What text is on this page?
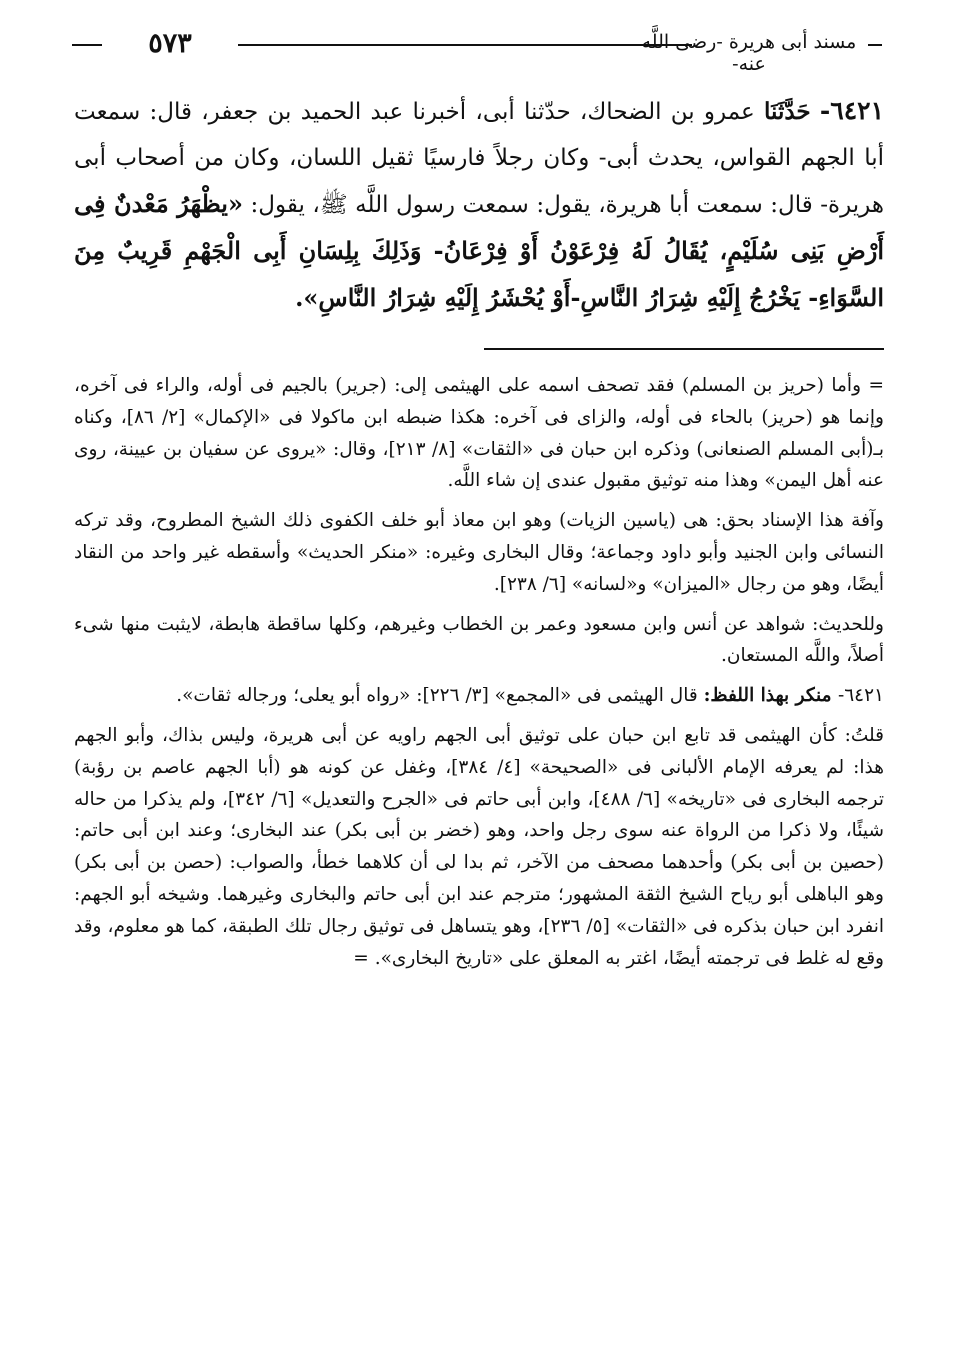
٥٧٣	مسند أبى هريرة -رضى اللَّه عنه-
٦٤٢١- حَدَّثَنَا عمرو بن الضحاك، حدّثنا أبى، أخبرنا عبد الحميد بن جعفر، قال: سمعت أبا الجهم القواس، يحدث أبى- وكان رجلاً فارسيًا ثقيل اللسان، وكان من أصحاب أبى هريرة- قال: سمعت أبا هريرة، يقول: سمعت رسول اللَّه ﷺ، يقول: «يظْهَرُ مَعْدنٌ فِى أَرْضِ بَنِى سُلَيْمٍ، يُقَالُ لَهُ فِرْعَوْنُ أَوْ فِرْعَانُ- وَذَلِكَ بِلِسَانِ أَبِى الْجَهْمِ قَرِيبٌ مِنَ السَّوَاءِ- يَخْرُجُ إِلَيْهِ شِرَارُ النَّاسِ-أَوْ يُحْشَرُ إِلَيْهِ شِرَارُ النَّاسِ».

= وأما (حريز بن المسلم) فقد تصحف اسمه على الهيثمى إلى: (جرير) بالجيم فى أوله، والراء فى آخره، وإنما هو (حريز) بالحاء فى أوله، والزاى فى آخره: هكذا ضبطه ابن ماكولا فى «الإكمال» [٢/ ٨٦]، وكناه بـ(أبى المسلم الصنعانى) وذكره ابن حبان فى «الثقات» [٨/ ٢١٣]، وقال: «يروى عن سفيان بن عيينة، روى عنه أهل اليمن» وهذا منه توثيق مقبول عندى إن شاء اللَّه.

وآفة هذا الإسناد بحق: هى (ياسين الزيات) وهو ابن معاذ أبو خلف الكفوى ذلك الشيخ المطروح، وقد تركه النسائى وابن الجنيد وأبو داود وجماعة؛ وقال البخارى وغيره: «منكر الحديث» وأسقطه غير واحد من النقاد أيضًا، وهو من رجال «الميزان» و«لسانه» [٦/ ٢٣٨].

وللحديث: شواهد عن أنس وابن مسعود وعمر بن الخطاب وغيرهم، وكلها ساقطة هابطة، لايثبت منها شىء أصلاً، واللَّه المستعان.

٦٤٢١- منكر بهذا اللفظ: قال الهيثمى فى «المجمع» [٣/ ٢٢٦]: «رواه أبو يعلى؛ ورجاله ثقات».

قلتُ: كأن الهيثمى قد تابع ابن حبان على توثيق أبى الجهم راويه عن أبى هريرة، وليس بذاك، وأبو الجهم هذا: لم يعرفه الإمام الألبانى فى «الصحيحة» [٤/ ٣٨٤]، وغفل عن كونه هو (أبا الجهم عاصم بن رؤبة) ترجمه البخارى فى «تاريخه» [٦/ ٤٨٨]، وابن أبى حاتم فى «الجرح والتعديل» [٦/ ٣٤٢]، ولم يذكرا من حاله شيئًا، ولا ذكرا من الرواة عنه سوى رجل واحد، وهو (خضر بن أبى بكر) عند البخارى؛ وعند ابن أبى حاتم: (حصين بن أبى بكر) وأحدهما مصحف من الآخر، ثم بدا لى أن كلاهما خطأ، والصواب: (حصن بن أبى بكر) وهو الباهلى أبو رياح الشيخ الثقة المشهور؛ مترجم عند ابن أبى حاتم والبخارى وغيرهما. وشيخه أبو الجهم: انفرد ابن حبان بذكره فى «الثقات» [٥/ ٢٣٦]، وهو يتساهل فى توثيق رجال تلك الطبقة، كما هو معلوم، وقد وقع له غلط فى ترجمته أيضًا، اغتر به المعلق على «تاريخ البخارى». =
